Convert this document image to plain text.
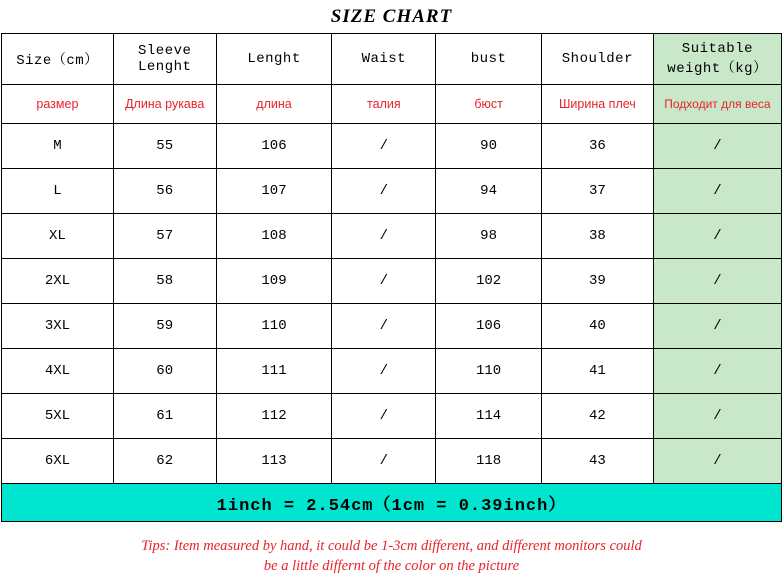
SIZE CHART
Size（cm）	Sleeve Lenght	Lenght	Waist	bust	Shoulder	Suitable weight（kg）
размер	Длина рукава	длина	талия	бюст	Ширина плеч	Подходит для веса
M	55	106	/	90	36	/
L	56	107	/	94	37	/
XL	57	108	/	98	38	/
2XL	58	109	/	102	39	/
3XL	59	110	/	106	40	/
4XL	60	111	/	110	41	/
5XL	61	112	/	114	42	/
6XL	62	113	/	118	43	/
1inch = 2.54cm（1cm = 0.39inch）
Tips: Item measured by hand, it could be 1-3cm different, and different monitors could
be a little differnt of the color on the picture
